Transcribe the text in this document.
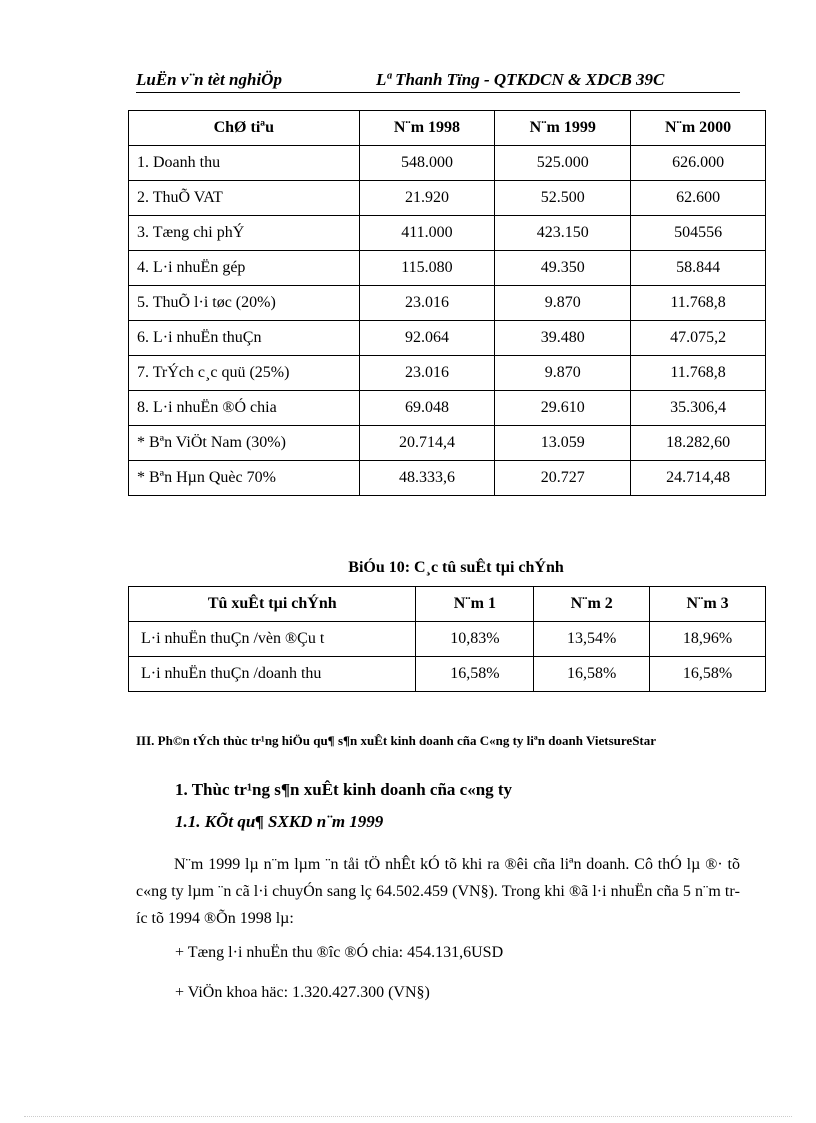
LuËn v¨n tèt nghiÖp	Lª Thanh Tïng - QTKDCN & XDCB 39C
ChØ tiªu	N¨m 1998	N¨m 1999	N¨m 2000
1. Doanh thu	548.000	525.000	626.000
2. ThuÕ VAT	21.920	52.500	62.600
3. Tæng chi phÝ	411.000	423.150	504556
4. L·i nhuËn gép	115.080	49.350	58.844
5. ThuÕ l·i tøc (20%)	23.016	9.870	11.768,8
6. L·i nhuËn thuÇn	92.064	39.480	47.075,2
7. TrÝch c¸c quü (25%)	23.016	9.870	11.768,8
8. L·i nhuËn ®Ó chia	69.048	29.610	35.306,4
* Bªn ViÖt Nam (30%)	20.714,4	13.059	18.282,60
* Bªn Hµn Quèc 70%	48.333,6	20.727	24.714,48
BiÓu 10: C¸c tû suÊt tµi chÝnh
Tû xuÊt tµi chÝnh	N¨m 1	N¨m 2	N¨m 3
L·i nhuËn thuÇn /vèn ®Çu t	10,83%	13,54%	18,96%
L·i nhuËn thuÇn /doanh thu	16,58%	16,58%	16,58%
III. Ph©n tÝch thùc tr¹ng hiÖu qu¶ s¶n xuÊt kinh doanh cña C«ng ty liªn doanh VietsureStar
1. Thùc tr¹ng s¶n xuÊt kinh doanh cña c«ng ty
1.1. KÕt qu¶ SXKD n¨m 1999
N¨m 1999 lµ n¨m lµm ¨n tåi tÖ nhÊt kÓ tõ khi ra ®êi cña liªn doanh. Cô thÓ lµ ®· tõ c«ng ty lµm ¨n cã l·i chuyÓn sang lç 64.502.459 (VN§). Trong khi ®ã l·i nhuËn cña 5 n¨m tríc tõ 1994 ®Õn 1998 lµ:
+ Tæng l·i nhuËn thu ®îc ®Ó chia: 454.131,6USD
+ ViÖn khoa häc: 1.320.427.300 (VN§)
